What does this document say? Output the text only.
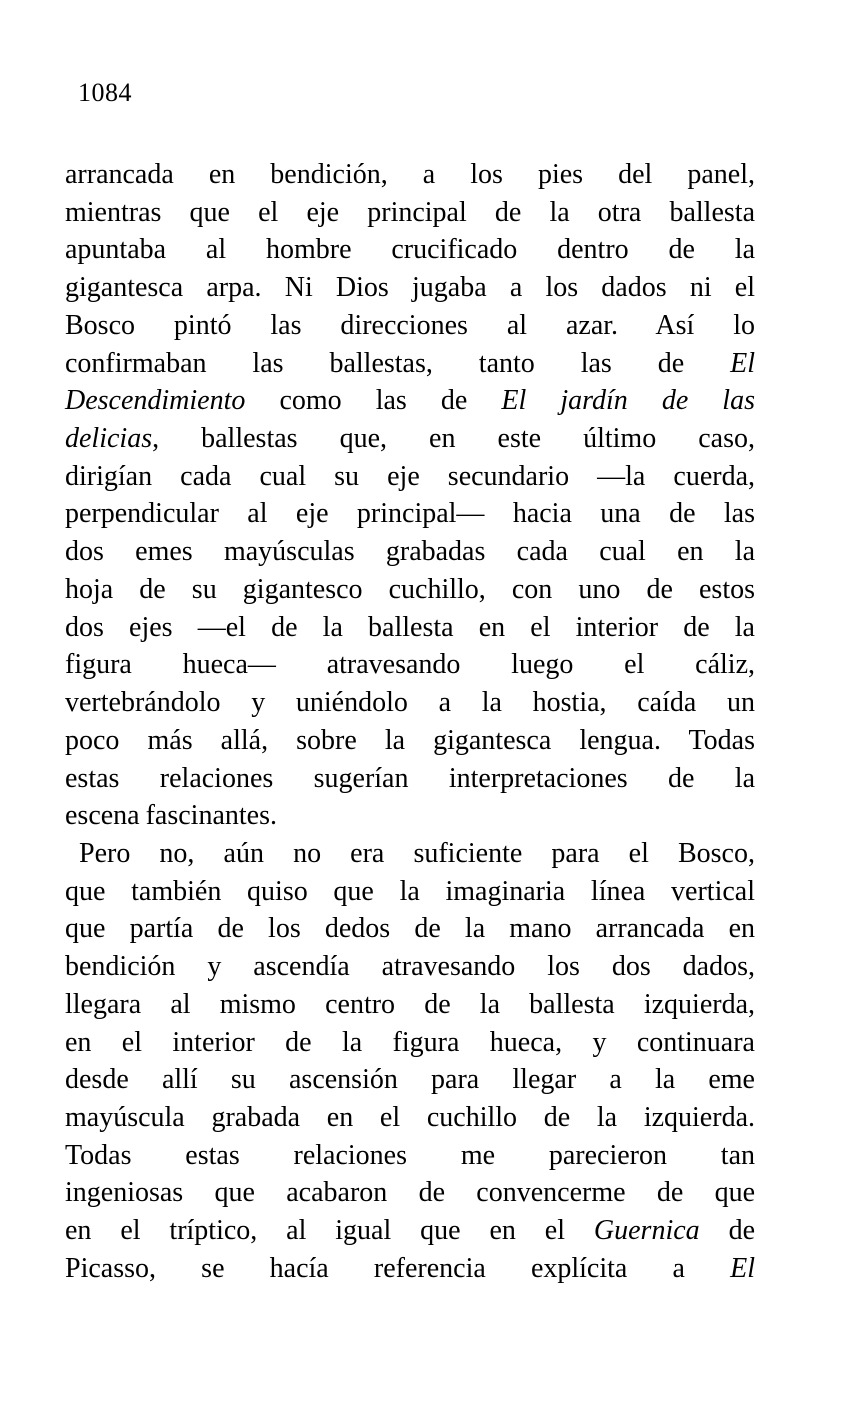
1084
arrancada en bendición, a los pies del panel,
mientras que el eje principal de la otra ballesta
apuntaba al hombre crucificado dentro de la
gigantesca arpa. Ni Dios jugaba a los dados ni el
Bosco pintó las direcciones al azar. Así lo
confirmaban las ballestas, tanto las de El
Descendimiento como las de El jardín de las
delicias, ballestas que, en este último caso,
dirigían cada cual su eje secundario —la cuerda,
perpendicular al eje principal— hacia una de las
dos emes mayúsculas grabadas cada cual en la
hoja de su gigantesco cuchillo, con uno de estos
dos ejes —el de la ballesta en el interior de la
figura hueca— atravesando luego el cáliz,
vertebrándolo y uniéndolo a la hostia, caída un
poco más allá, sobre la gigantesca lengua. Todas
estas relaciones sugerían interpretaciones de la
escena fascinantes.
Pero no, aún no era suficiente para el Bosco,
que también quiso que la imaginaria línea vertical
que partía de los dedos de la mano arrancada en
bendición y ascendía atravesando los dos dados,
llegara al mismo centro de la ballesta izquierda,
en el interior de la figura hueca, y continuara
desde allí su ascensión para llegar a la eme
mayúscula grabada en el cuchillo de la izquierda.
Todas estas relaciones me parecieron tan
ingeniosas que acabaron de convencerme de que
en el tríptico, al igual que en el Guernica de
Picasso, se hacía referencia explícita a El
